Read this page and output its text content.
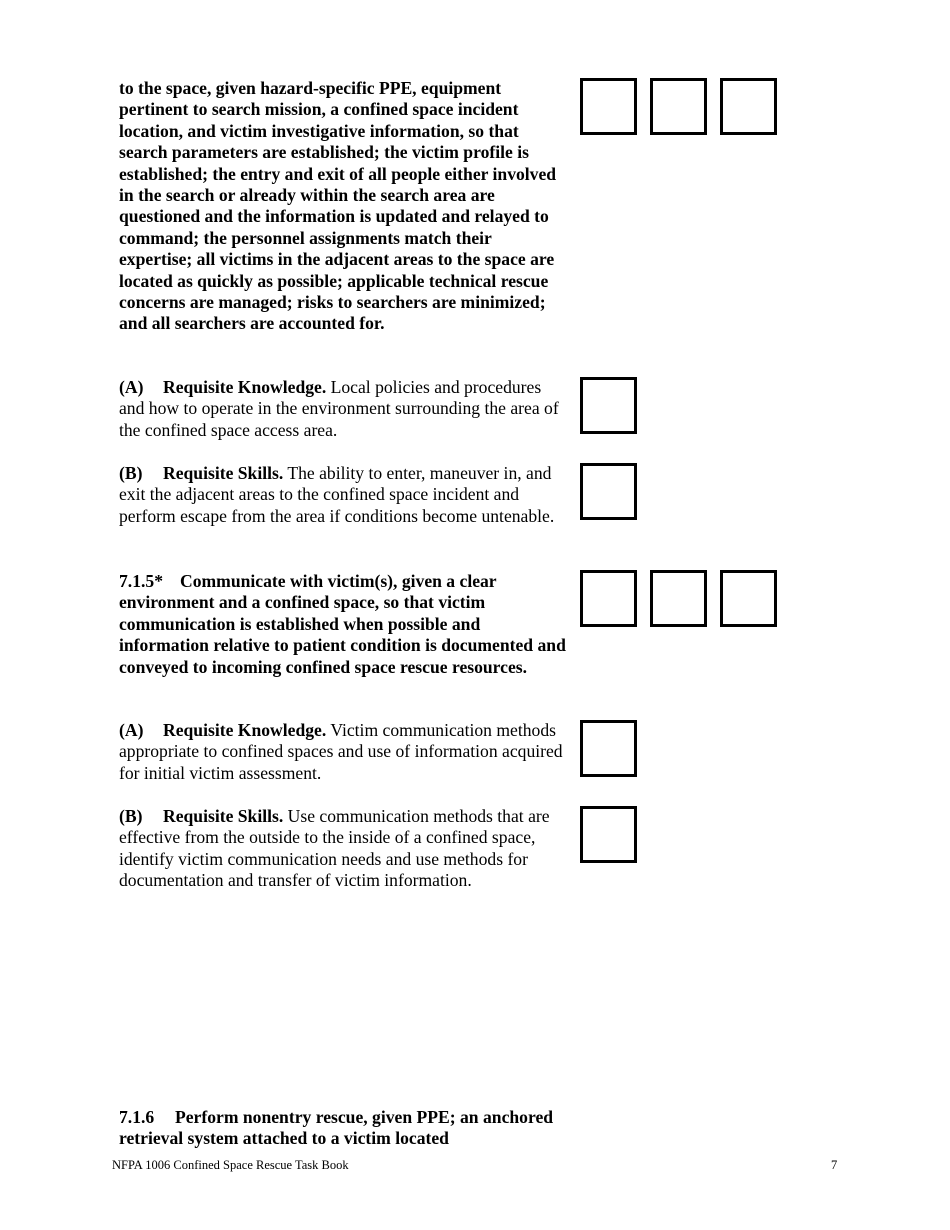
to the space, given hazard-specific PPE, equipment pertinent to search mission, a confined space incident location, and victim investigative information, so that search parameters are established; the victim profile is established; the entry and exit of all people either involved in the search or already within the search area are questioned and the information is updated and relayed to command; the personnel assignments match their expertise; all victims in the adjacent areas to the space are located as quickly as possible; applicable technical rescue concerns are managed; risks to searchers are minimized; and all searchers are accounted for.

(A) Requisite Knowledge. Local policies and procedures and how to operate in the environment surrounding the area of the confined space access area.

(B) Requisite Skills. The ability to enter, maneuver in, and exit the adjacent areas to the confined space incident and perform escape from the area if conditions become untenable.

7.1.5* Communicate with victim(s), given a clear environment and a confined space, so that victim communication is established when possible and information relative to patient condition is documented and conveyed to incoming confined space rescue resources.

(A) Requisite Knowledge. Victim communication methods appropriate to confined spaces and use of information acquired for initial victim assessment.

(B) Requisite Skills. Use communication methods that are effective from the outside to the inside of a confined space, identify victim communication needs and use methods for documentation and transfer of victim information.

7.1.6 Perform nonentry rescue, given PPE; an anchored retrieval system attached to a victim located

NFPA 1006 Confined Space Rescue Task Book	7
